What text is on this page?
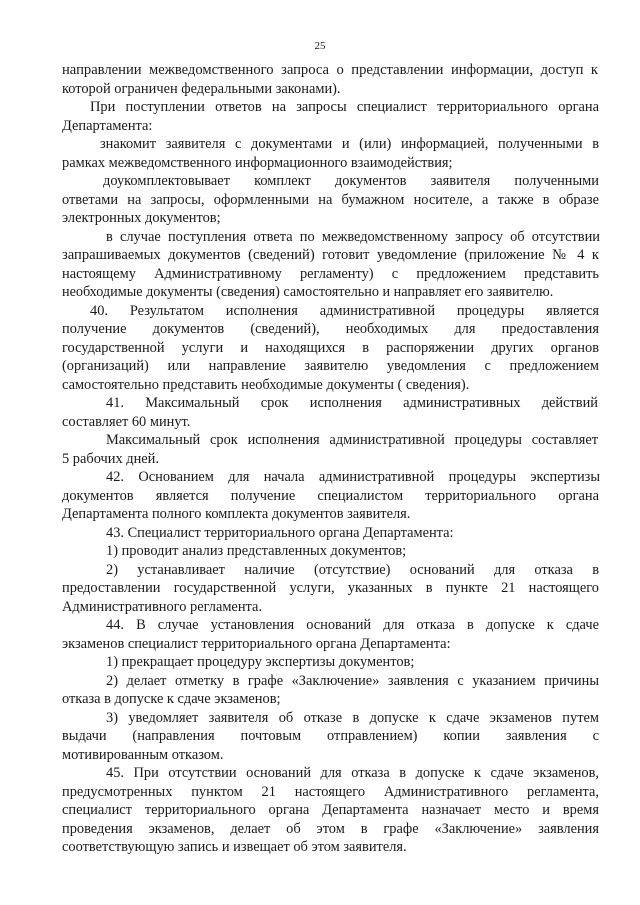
25
направлении межведомственного запроса о представлении информации, доступ к
которой ограничен федеральными законами).
При поступлении ответов на запросы специалист территориального органа
Департамента:
знакомит заявителя с документами и (или) информацией, полученными в
рамках межведомственного информационного взаимодействия;
доукомплектовывает комплект документов заявителя полученными
ответами на запросы, оформленными на бумажном носителе, а также в образе
электронных документов;
в случае поступления ответа по межведомственному запросу об отсутствии
запрашиваемых документов (сведений) готовит уведомление (приложение № 4 к
настоящему Административному регламенту) с предложением представить
необходимые документы (сведения) самостоятельно и направляет его заявителю.
40. Результатом исполнения административной процедуры является
получение документов (сведений), необходимых для предоставления
государственной услуги и находящихся в распоряжении других органов
(организаций) или направление заявителю уведомления с предложением
самостоятельно представить необходимые документы ( сведения).
41. Максимальный срок исполнения административных действий
составляет 60 минут.
Максимальный срок исполнения административной процедуры составляет
5 рабочих дней.
42. Основанием для начала административной процедуры экспертизы
документов является получение специалистом территориального органа
Департамента полного комплекта документов заявителя.
43. Специалист территориального органа Департамента:
1) проводит анализ представленных документов;
2) устанавливает наличие (отсутствие) оснований для отказа в
предоставлении государственной услуги, указанных в пункте 21 настоящего
Административного регламента.
44. В случае установления оснований для отказа в допуске к сдаче
экзаменов специалист территориального органа Департамента:
1) прекращает процедуру экспертизы документов;
2) делает отметку в графе «Заключение» заявления с указанием причины
отказа в допуске к сдаче экзаменов;
3) уведомляет заявителя об отказе в допуске к сдаче экзаменов путем
выдачи (направления почтовым отправлением) копии заявления с
мотивированным отказом.
45. При отсутствии оснований для отказа в допуске к сдаче экзаменов,
предусмотренных пунктом 21 настоящего Административного регламента,
специалист территориального органа Департамента назначает место и время
проведения экзаменов, делает об этом в графе «Заключение» заявления
соответствующую запись и извещает об этом заявителя.
